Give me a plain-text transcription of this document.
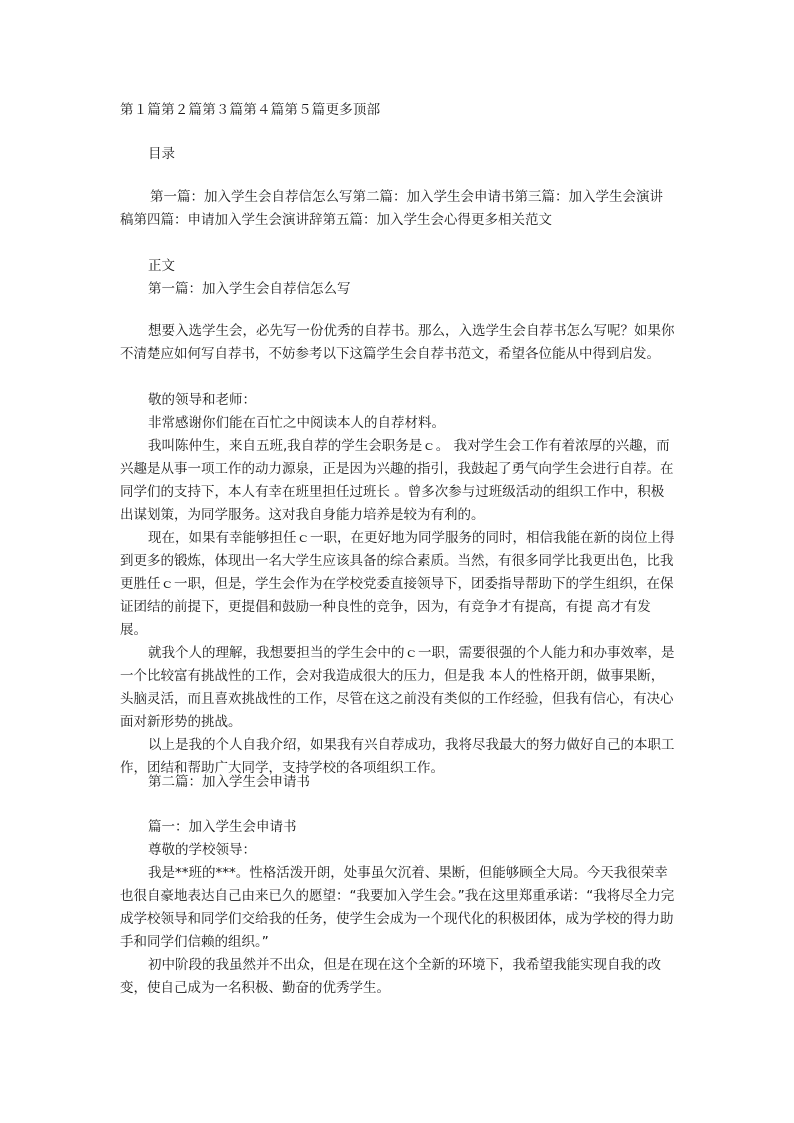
第１篇第２篇第３篇第４篇第５篇更多顶部

目录

第一篇：加入学生会自荐信怎么写第二篇：加入学生会申请书第三篇：加入学生会演讲稿第四篇：申请加入学生会演讲辞第五篇：加入学生会心得更多相关范文

正文

第一篇：加入学生会自荐信怎么写

想要入选学生会，必先写一份优秀的自荐书。那么，入选学生会自荐书怎么写呢？如果你不清楚应如何写自荐书，不妨参考以下这篇学生会自荐书范文，希望各位能从中得到启发。

敬的领导和老师：

非常感谢你们能在百忙之中阅读本人的自荐材料。

我叫陈仲生，来自五班,我自荐的学生会职务是ｃ。 我对学生会工作有着浓厚的兴趣，而兴趣是从事一项工作的动力源泉，正是因为兴趣的指引，我鼓起了勇气向学生会进行自荐。在同学们的支持下，本人有幸在班里担任过班长 。曾多次参与过班级活动的组织工作中，积极出谋划策，为同学服务。这对我自身能力培养是较为有利的。

现在，如果有幸能够担任ｃ一职，在更好地为同学服务的同时，相信我能在新的岗位上得到更多的锻炼，体现出一名大学生应该具备的综合素质。当然，有很多同学比我更出色，比我更胜任ｃ一职，但是，学生会作为在学校党委直接领导下，团委指导帮助下的学生组织，在保证团结的前提下，更提倡和鼓励一种良性的竞争，因为，有竞争才有提高，有提 高才有发展。

就我个人的理解，我想要担当的学生会中的ｃ一职，需要很强的个人能力和办事效率，是一个比较富有挑战性的工作，会对我造成很大的压力，但是我 本人的性格开朗，做事果断，头脑灵活，而且喜欢挑战性的工作，尽管在这之前没有类似的工作经验，但我有信心，有决心面对新形势的挑战。

以上是我的个人自我介绍，如果我有兴自荐成功，我将尽我最大的努力做好自己的本职工作，团结和帮助广大同学，支持学校的各项组织工作。

第二篇：加入学生会申请书

篇一：加入学生会申请书

尊敬的学校领导：

我是**班的***。性格活泼开朗，处事虽欠沉着、果断，但能够顾全大局。今天我很荣幸也很自豪地表达自己由来已久的愿望：“我要加入学生会。”我在这里郑重承诺：“我将尽全力完成学校领导和同学们交给我的任务，使学生会成为一个现代化的积极团体，成为学校的得力助手和同学们信赖的组织。”

初中阶段的我虽然并不出众，但是在现在这个全新的环境下，我希望我能实现自我的改变，使自己成为一名积极、勤奋的优秀学生。
